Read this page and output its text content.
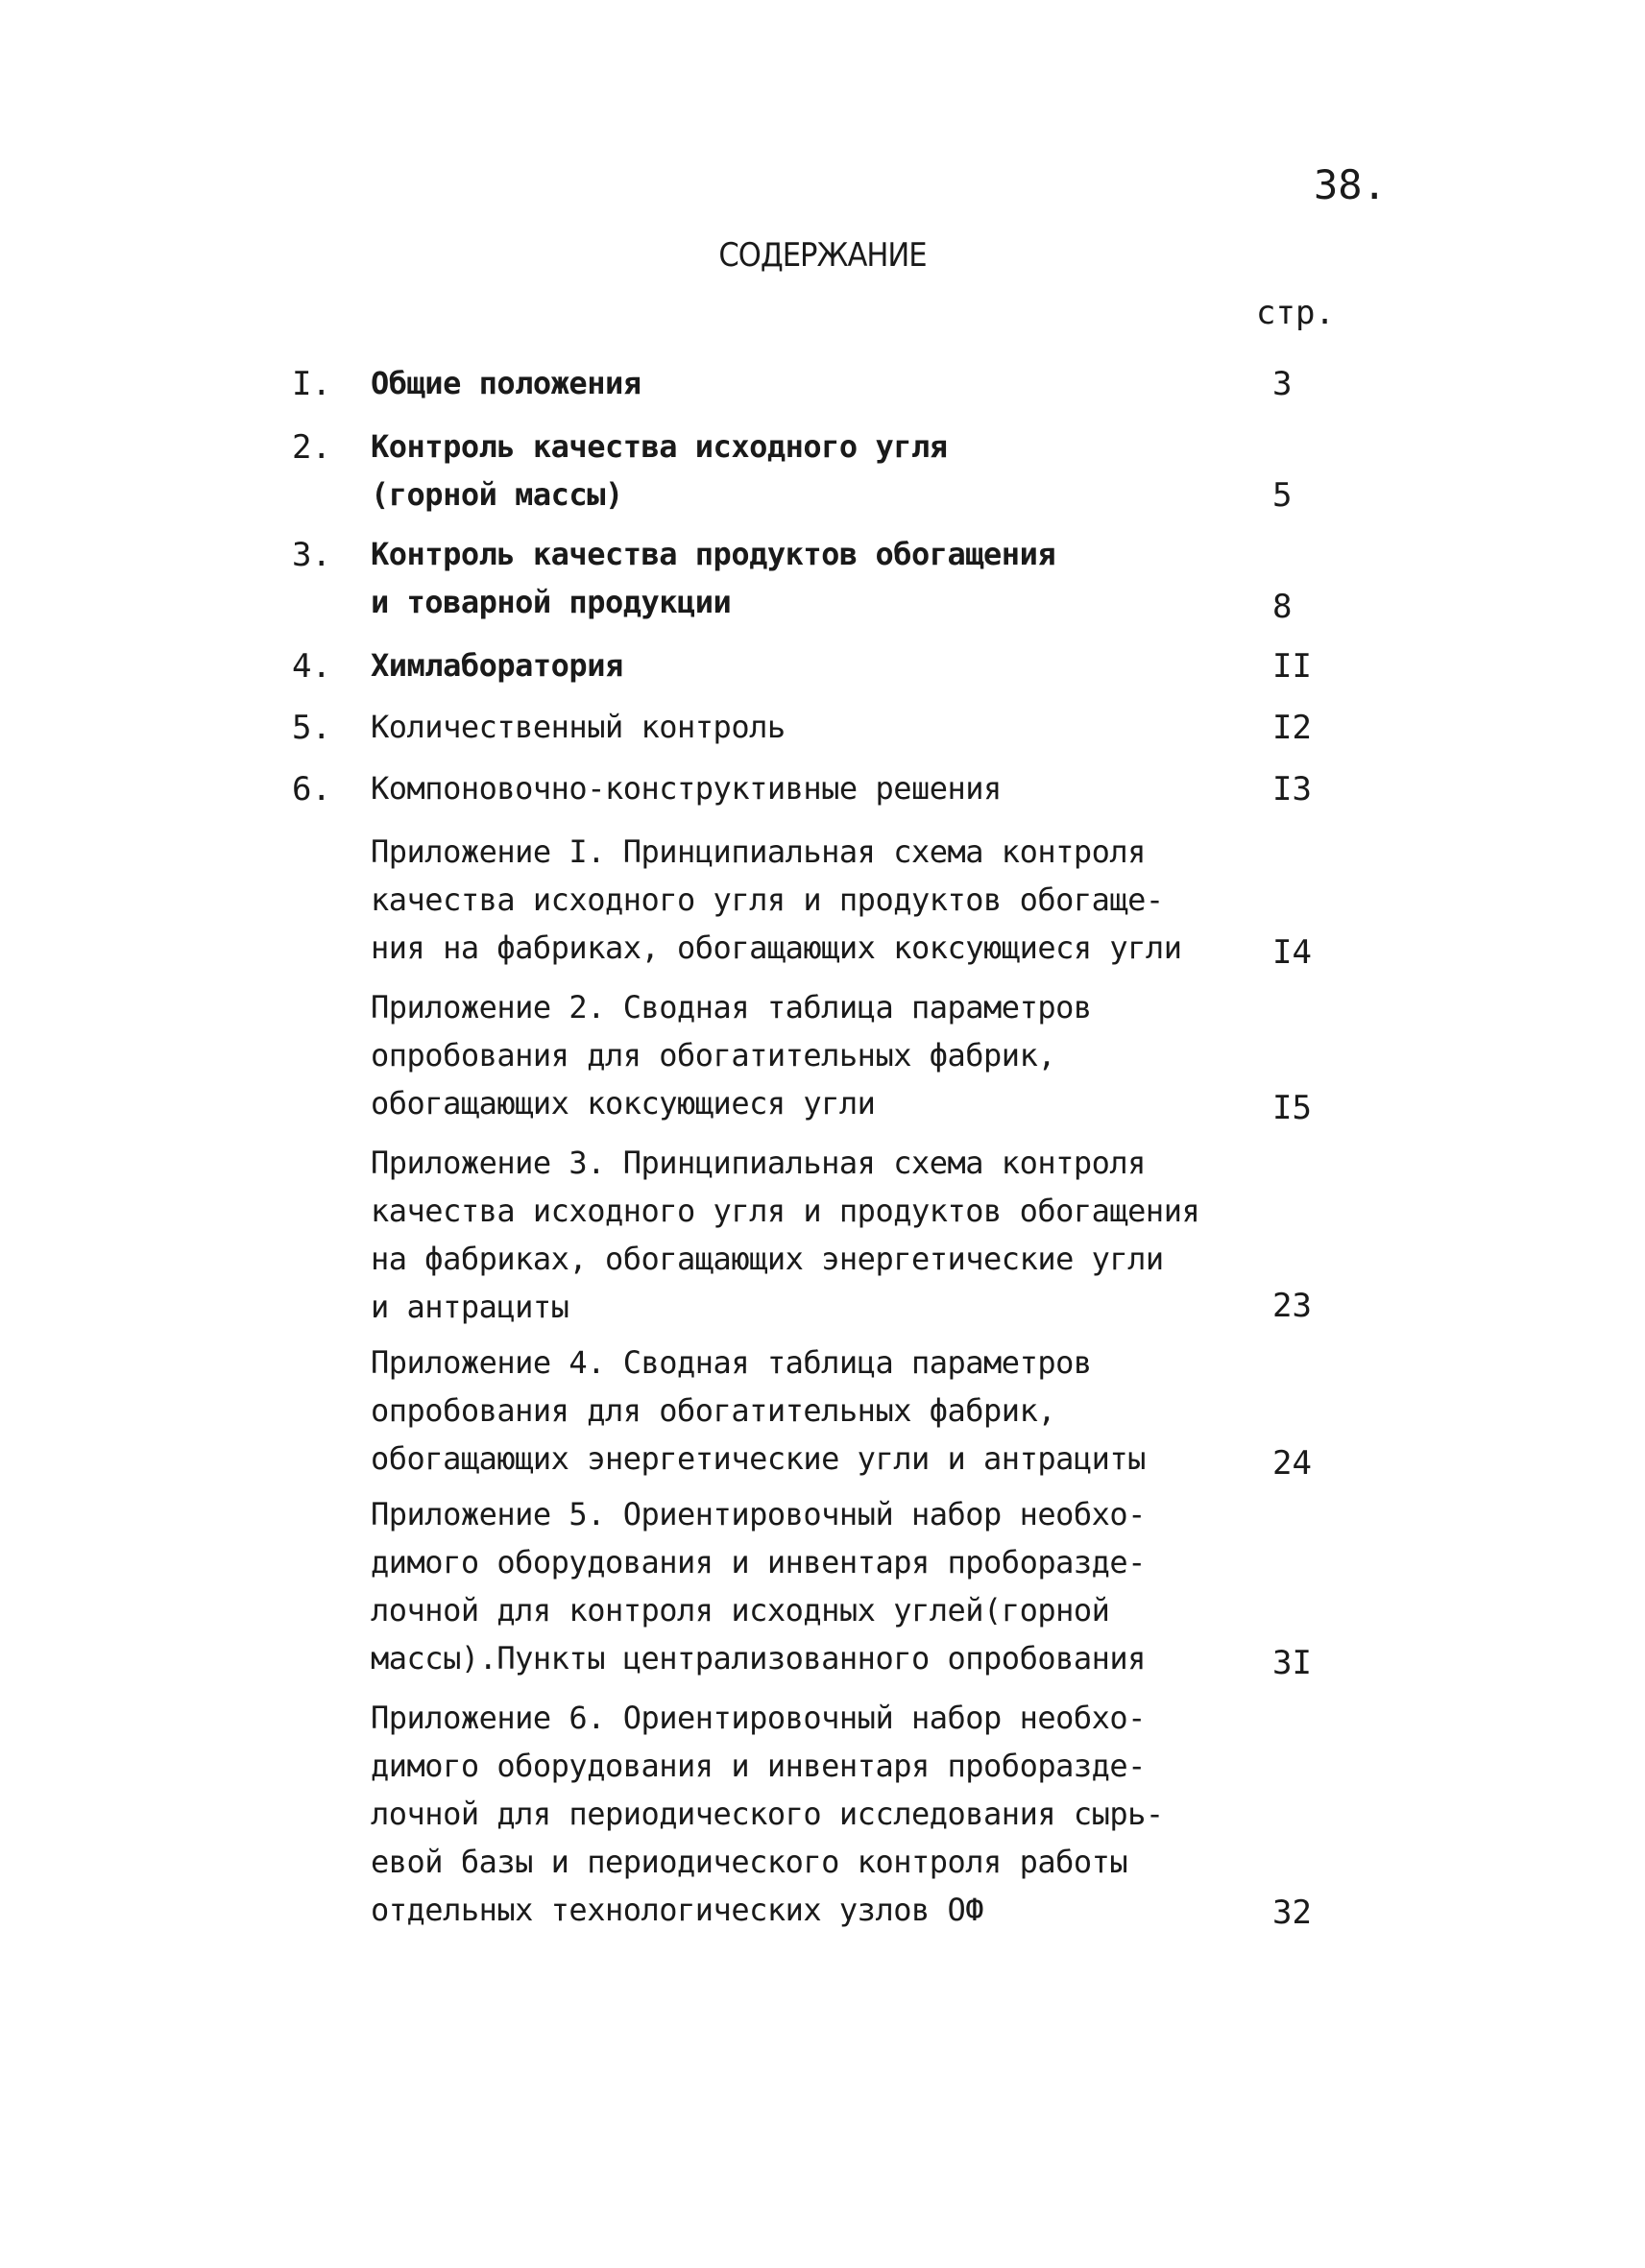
38.
СОДЕРЖАНИЕ
стр.
I. Общие положения	3
2. Контроль качества исходного угля
(горной массы)	5
3. Контроль качества продуктов обогащения
и товарной продукции	8
4. Химлаборатория	II
5. Количественный контроль	I2
6. Компоновочно-конструктивные решения	I3
Приложение I. Принципиальная схема контроля
качества исходного угля и продуктов обогаще-
ния на фабриках, обогащающих коксующиеся угли	I4
Приложение 2. Сводная таблица параметров
опробования для обогатительных фабрик,
обогащающих коксующиеся угли	I5
Приложение 3. Принципиальная схема контроля
качества исходного угля и продуктов обогащения
на фабриках, обогащающих энергетические угли
и антрациты	23
Приложение 4. Сводная таблица параметров
опробования для обогатительных фабрик,
обогащающих энергетические угли и антрациты	24
Приложение 5. Ориентировочный набор необхо-
димого оборудования и инвентаря проборазде-
лочной для контроля исходных углей(горной
массы).Пункты централизованного опробования	3I
Приложение 6. Ориентировочный набор необхо-
димого оборудования и инвентаря проборазде-
лочной для периодического исследования сырь-
евой базы и периодического контроля работы
отдельных технологических узлов ОФ	32
